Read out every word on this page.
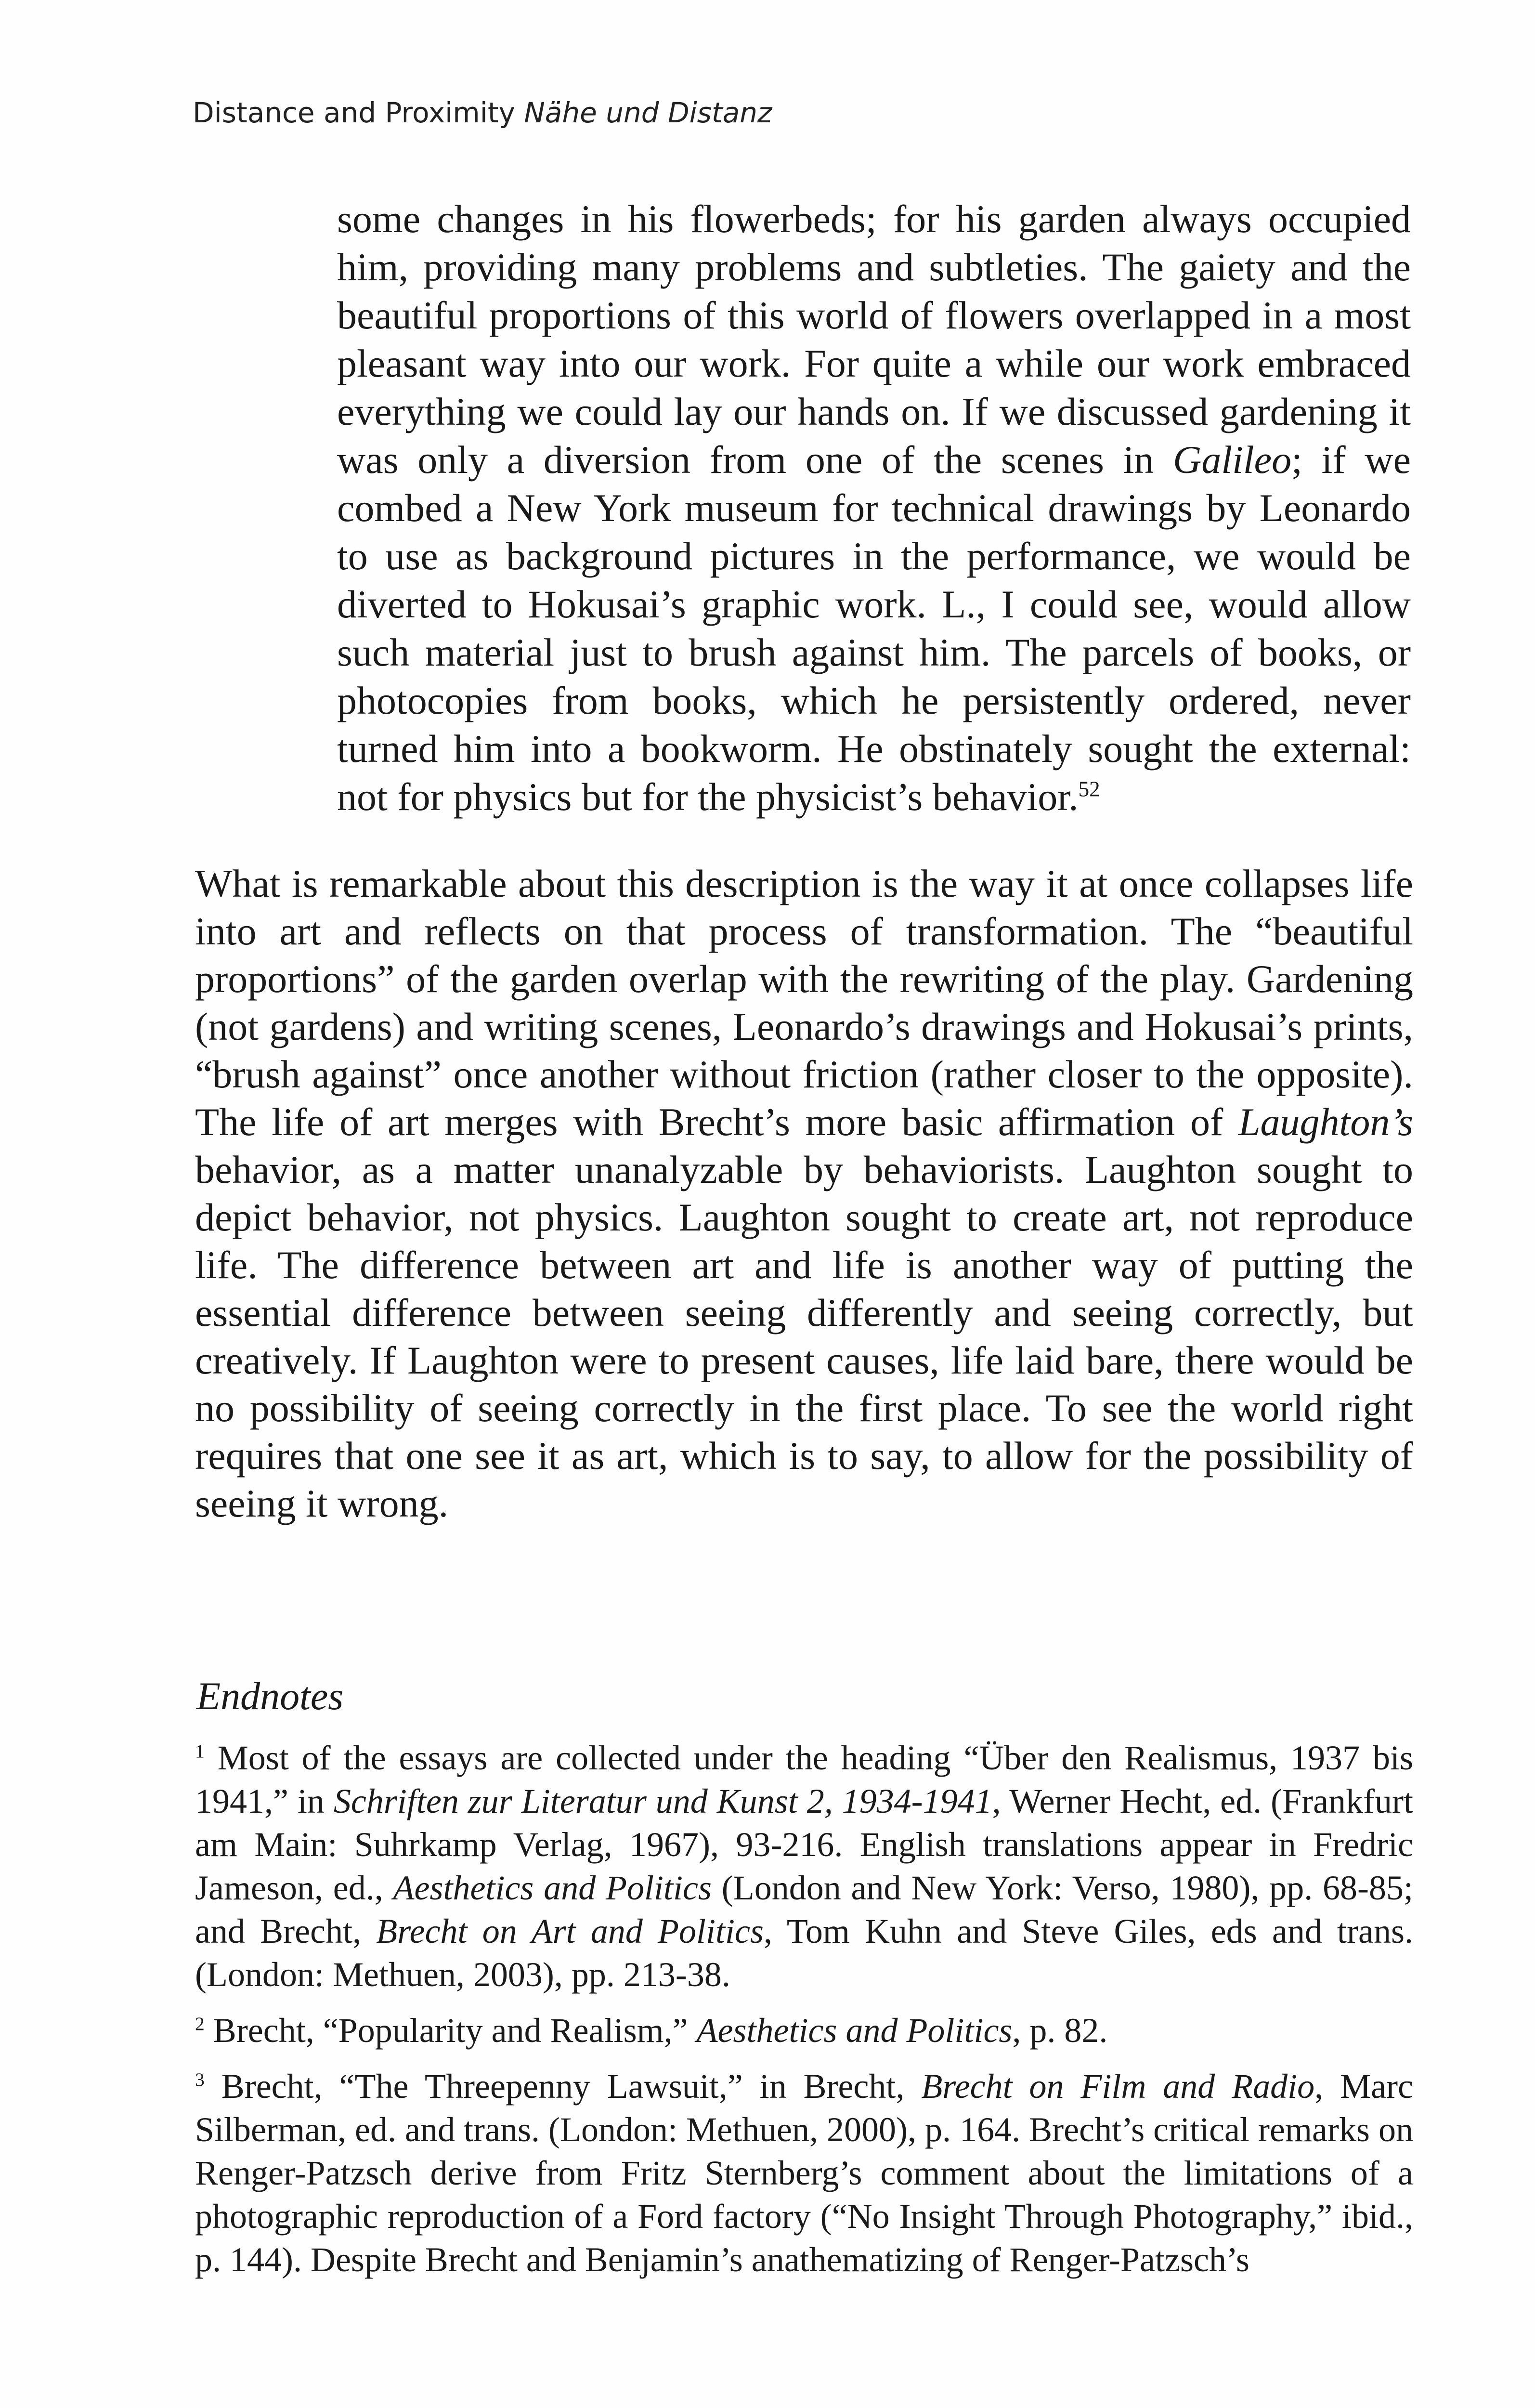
Distance and Proximity Nähe und Distanz
some changes in his flowerbeds; for his garden always occupied him, providing many problems and subtleties. The gaiety and the beautiful proportions of this world of flowers overlapped in a most pleasant way into our work. For quite a while our work embraced everything we could lay our hands on. If we discussed gardening it was only a diversion from one of the scenes in Galileo; if we combed a New York museum for technical drawings by Leonardo to use as background pictures in the performance, we would be diverted to Hokusai’s graphic work. L., I could see, would allow such material just to brush against him. The parcels of books, or photocopies from books, which he persistently ordered, never turned him into a bookworm. He obstinately sought the external: not for physics but for the physicist’s behavior.$^{52}$
What is remarkable about this description is the way it at once collapses life into art and reflects on that process of transformation. The “beautiful proportions” of the garden overlap with the rewriting of the play. Gardening (not gardens) and writing scenes, Leonardo’s drawings and Hokusai’s prints, “brush against” once another without friction (rather closer to the opposite). The life of art merges with Brecht’s more basic affirmation of Laughton’s behavior, as a matter unanalyzable by behaviorists. Laughton sought to depict behavior, not physics. Laughton sought to create art, not reproduce life. The difference between art and life is another way of putting the essential difference between seeing differently and seeing correctly, but creatively. If Laughton were to present causes, life laid bare, there would be no possibility of seeing correctly in the first place. To see the world right requires that one see it as art, which is to say, to allow for the possibility of seeing it wrong.
Endnotes

$^1$ Most of the essays are collected under the heading “Über den Realismus, 1937 bis 1941,” in Schriften zur Literatur und Kunst 2, 1934-1941, Werner Hecht, ed. (Frankfurt am Main: Suhrkamp Verlag, 1967), 93-216. English translations appear in Fredric Jameson, ed., Aesthetics and Politics (London and New York: Verso, 1980), pp. 68-85; and Brecht, Brecht on Art and Politics, Tom Kuhn and Steve Giles, eds and trans. (London: Methuen, 2003), pp. 213-38.

$^2$ Brecht, “Popularity and Realism,” Aesthetics and Politics, p. 82.

$^3$ Brecht, “The Threepenny Lawsuit,” in Brecht, Brecht on Film and Radio, Marc Silberman, ed. and trans. (London: Methuen, 2000), p. 164. Brecht’s critical remarks on Renger-Patzsch derive from Fritz Sternberg’s comment about the limitations of a photographic reproduction of a Ford factory (“No Insight Through Photography,” ibid., p. 144). Despite Brecht and Benjamin’s anathematizing of Renger-Patzsch’s
